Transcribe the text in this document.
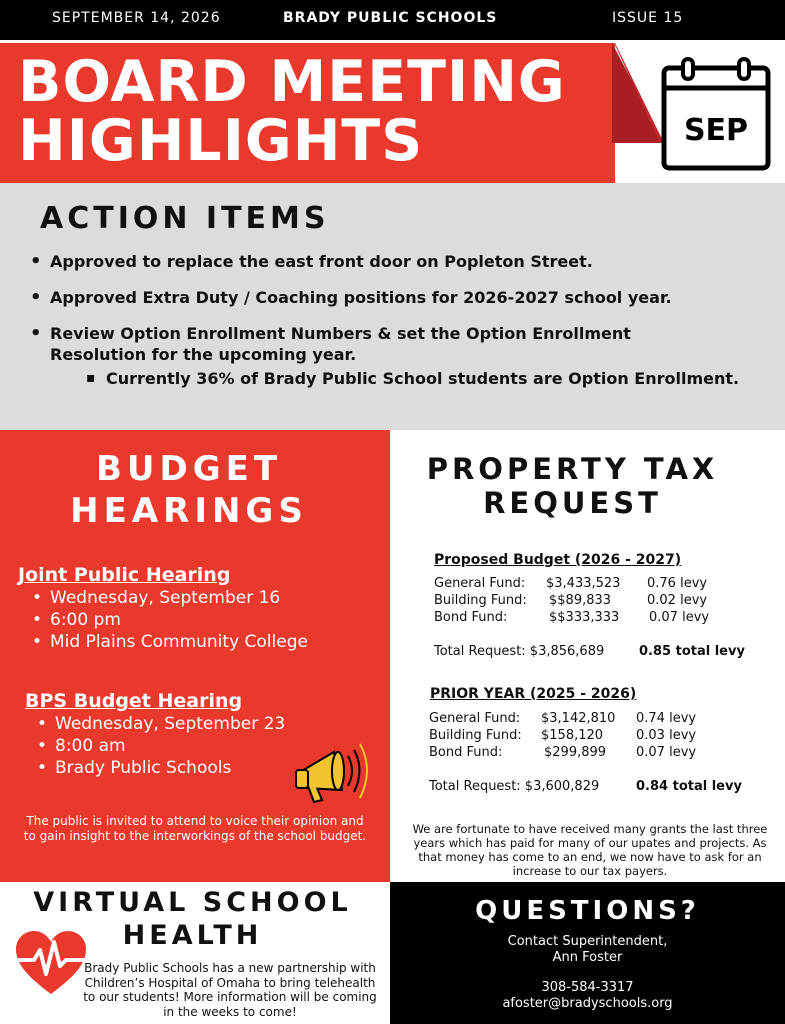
SEPTEMBER 14, 2026	BRADY PUBLIC SCHOOLS	ISSUE 15
BOARD MEETING
HIGHLIGHTS	SEP
ACTION ITEMS
• Approved to replace the east front door on Popleton Street.
• Approved Extra Duty / Coaching positions for 2026-2027 school year.
• Review Option Enrollment Numbers & set the Option Enrollment
Resolution for the upcoming year.
▪ Currently 36% of Brady Public School students are Option Enrollment.
BUDGET
HEARINGS
Joint Public Hearing
• Wednesday, September 16
• 6:00 pm
• Mid Plains Community College
BPS Budget Hearing
• Wednesday, September 23
• 8:00 am
• Brady Public Schools
The public is invited to attend to voice their opinion and to gain insight to the interworkings of the school budget.
PROPERTY TAX
REQUEST
Proposed Budget (2026 - 2027)
General Fund: $3,433,523 0.76 levy
Building Fund: $$89,833	0.02 levy
Bond Fund:	$$333,333 0.07 levy
Total Request: $3,856,689	0.85 total levy
PRIOR YEAR (2025 - 2026)
General Fund: $3,142,810 0.74 levy
Building Fund: $158,120	0.03 levy
Bond Fund:	$299,899 0.07 levy
Total Request: $3,600,829	0.84 total levy
We are fortunate to have received many grants the last three years which has paid for many of our upates and projects. As that money has come to an end, we now have to ask for an increase to our tax payers.
VIRTUAL SCHOOL
HEALTH
Brady Public Schools has a new partnership with Children’s Hospital of Omaha to bring telehealth to our students! More information will be coming in the weeks to come!
QUESTIONS?
Contact Superintendent,
Ann Foster
308-584-3317
afoster@bradyschools.org
